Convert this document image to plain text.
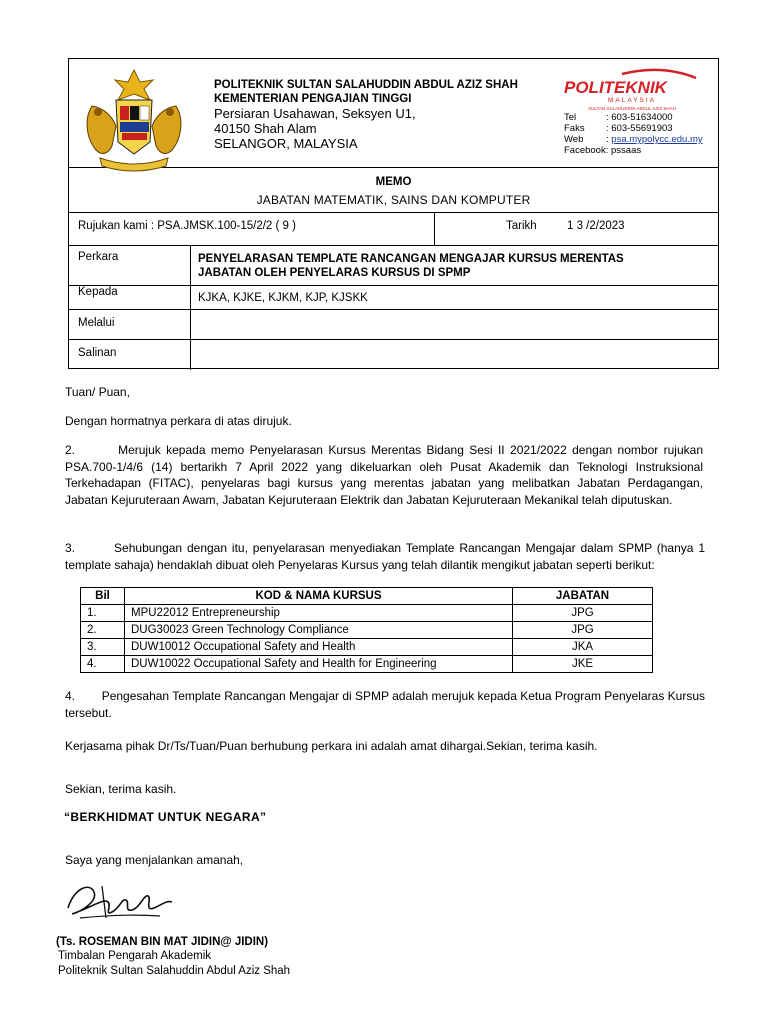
POLITEKNIK SULTAN SALAHUDDIN ABDUL AZIZ SHAH
KEMENTERIAN PENGAJIAN TINGGI
Persiaran Usahawan, Seksyen U1,
40150 Shah Alam
SELANGOR, MALAYSIA
POLITEKNIK
MALAYSIA
SULTAN SALAHUDDIN ABDUL AZIZ SHAH
Tel	: 603-51634000
Faks : 603-55691903
Web : psa.mypolycc.edu.my
Facebook: pssaas
MEMO
JABATAN MATEMATIK, SAINS DAN KOMPUTER
Rujukan kami : PSA.JMSK.100-15/2/2 ( 9 )	Tarikh	1 3 /2/2023
Perkara	PENYELARASAN TEMPLATE RANCANGAN MENGAJAR KURSUS MERENTAS
JABATAN OLEH PENYELARAS KURSUS DI SPMP
Kepada	KJKA, KJKE, KJKM, KJP, KJSKK
Melalui
Salinan
Tuan/ Puan,
Dengan hormatnya perkara di atas dirujuk.
2.        Merujuk kepada memo Penyelarasan Kursus Merentas Bidang Sesi II 2021/2022 dengan nombor rujukan PSA.700-1/4/6 (14) bertarikh 7 April 2022 yang dikeluarkan oleh Pusat Akademik dan Teknologi Instruksional Terkehadapan (FITAC), penyelaras bagi kursus yang merentas jabatan yang melibatkan Jabatan Perdagangan, Jabatan Kejuruteraan Awam, Jabatan Kejuruteraan Elektrik dan Jabatan Kejuruteraan Mekanikal telah diputuskan.
3.        Sehubungan dengan itu, penyelarasan menyediakan Template Rancangan Mengajar dalam SPMP (hanya 1 template sahaja) hendaklah dibuat oleh Penyelaras Kursus yang telah dilantik mengikut jabatan seperti berikut:
Bil	KOD & NAMA KURSUS	JABATAN
1.	MPU22012 Entrepreneurship	JPG
2.	DUG30023 Green Technology Compliance	JPG
3.	DUW10012 Occupational Safety and Health	JKA
4.	DUW10022 Occupational Safety and Health for Engineering	JKE
4.        Pengesahan Template Rancangan Mengajar di SPMP adalah merujuk kepada Ketua Program Penyelaras Kursus tersebut.
Kerjasama pihak Dr/Ts/Tuan/Puan berhubung perkara ini adalah amat dihargai.Sekian, terima kasih.
Sekian, terima kasih.
“BERKHIDMAT UNTUK NEGARA”
Saya yang menjalankan amanah,
(Ts. ROSEMAN BIN MAT JIDIN@ JIDIN)
Timbalan Pengarah Akademik
Politeknik Sultan Salahuddin Abdul Aziz Shah
